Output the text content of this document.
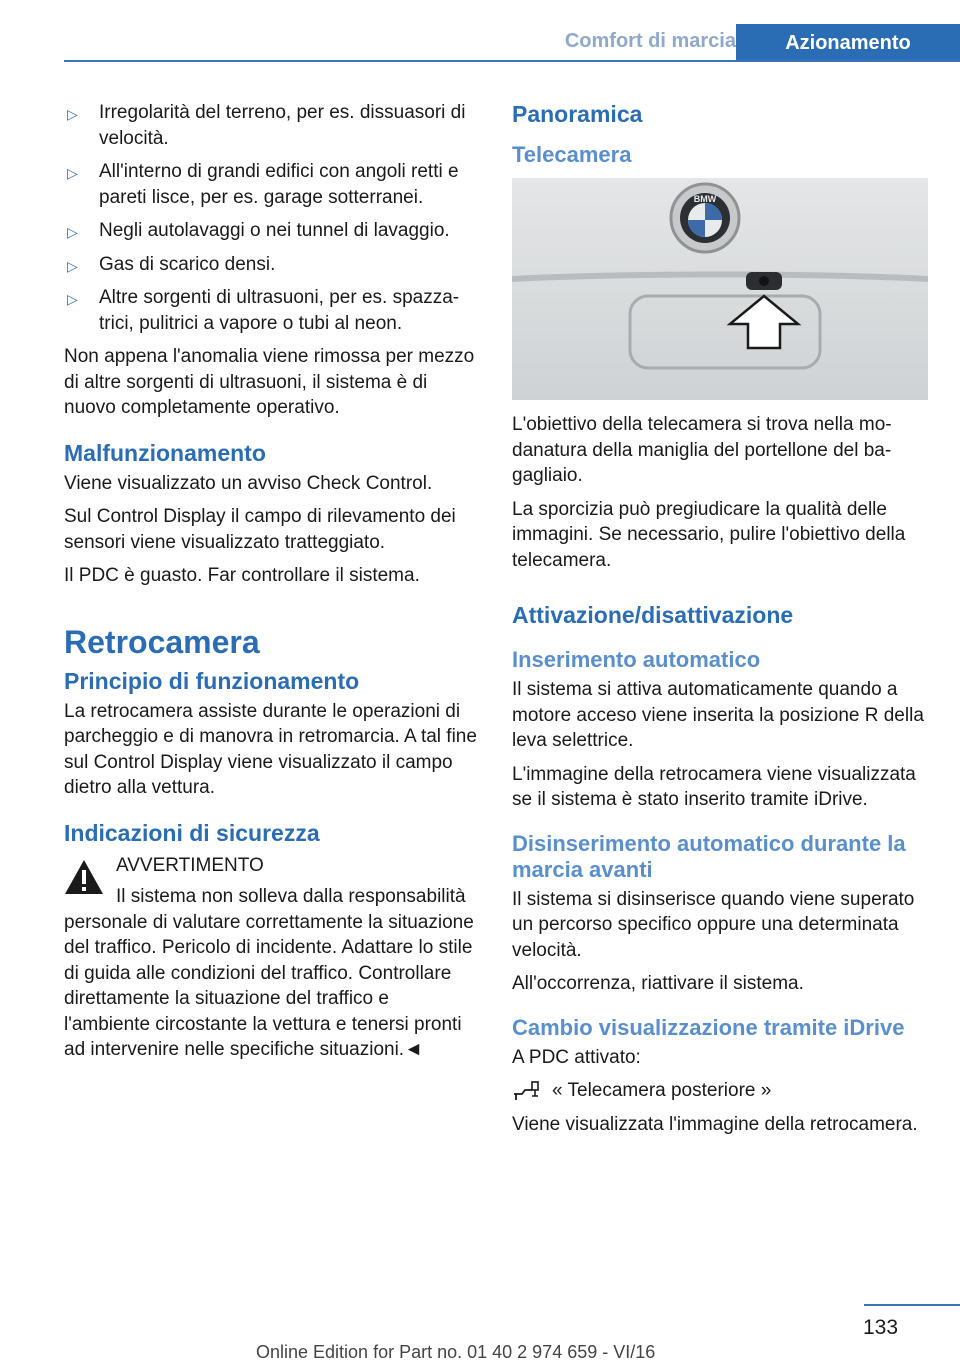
Comfort di marcia	Azionamento
▷ Irregolarità del terreno, per es. dissuasori di velocità.
▷ All'interno di grandi edifici con angoli retti e pareti lisce, per es. garage sotterranei.
▷ Negli autolavaggi o nei tunnel di lavaggio.
▷ Gas di scarico densi.
▷ Altre sorgenti di ultrasuoni, per es. spazzatrici, pulitrici a vapore o tubi al neon.

Non appena l'anomalia viene rimossa per mezzo di altre sorgenti di ultrasuoni, il sistema è di nuovo completamente operativo.

Malfunzionamento

Viene visualizzato un avviso Check Control.

Sul Control Display il campo di rilevamento dei sensori viene visualizzato tratteggiato.

Il PDC è guasto. Far controllare il sistema.

Retrocamera
Principio di funzionamento

La retrocamera assiste durante le operazioni di parcheggio e di manovra in retromarcia. A tal fine sul Control Display viene visualizzato il campo dietro alla vettura.

Indicazioni di sicurezza
AVVERTIMENTO
Il sistema non solleva dalla responsabilità
personale di valutare correttamente la situazione del traffico. Pericolo di incidente. Adattare lo stile di guida alle condizioni del traffico. Controllare direttamente la situazione del traffico e l'ambiente circostante la vettura e tenersi pronti ad intervenire nelle specifiche situazioni.◄
Panoramica
Telecamera
BMW

L'obiettivo della telecamera si trova nella modanatura della maniglia del portellone del bagagliaio.

La sporcizia può pregiudicare la qualità delle immagini. Se necessario, pulire l'obiettivo della telecamera.

Attivazione/disattivazione
Inserimento automatico

Il sistema si attiva automaticamente quando a motore acceso viene inserita la posizione R della leva selettrice.

L'immagine della retrocamera viene visualizzata se il sistema è stato inserito tramite iDrive.

Disinserimento automatico durante la marcia avanti

Il sistema si disinserisce quando viene superato un percorso specifico oppure una determinata velocità.

All'occorrenza, riattivare il sistema.

Cambio visualizzazione tramite iDrive

A PDC attivato:

« Telecamera posteriore »

Viene visualizzata l'immagine della retrocamera.

133
Online Edition for Part no. 01 40 2 974 659 - VI/16
